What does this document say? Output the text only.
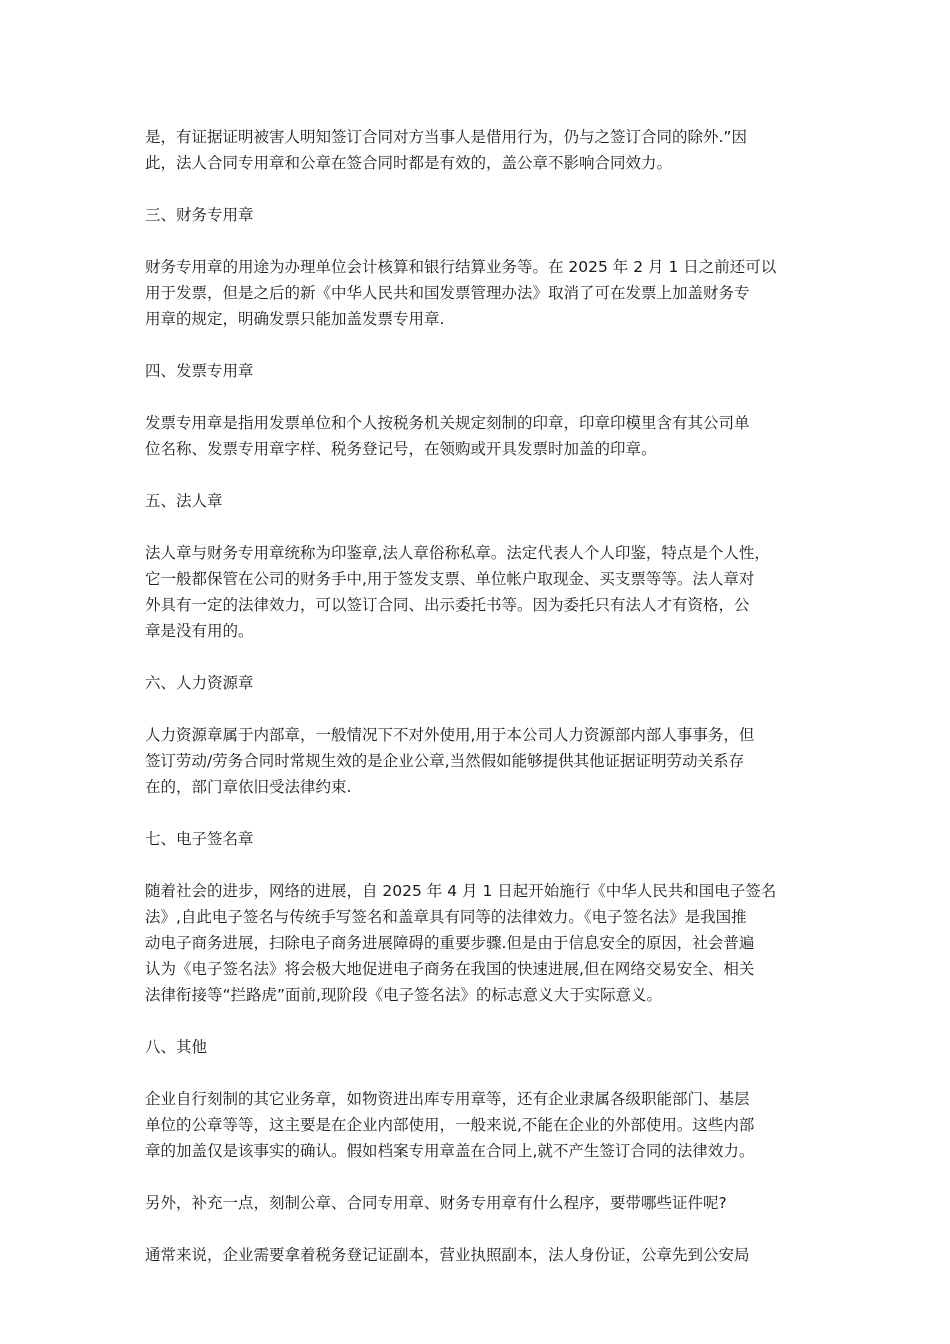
是，有证据证明被害人明知签订合同对方当事人是借用行为，仍与之签订合同的除外.”因
此，法人合同专用章和公章在签合同时都是有效的，盖公章不影响合同效力。

三、财务专用章

财务专用章的用途为办理单位会计核算和银行结算业务等。在 2025 年 2 月 1 日之前还可以
用于发票，但是之后的新《中华人民共和国发票管理办法》取消了可在发票上加盖财务专
用章的规定，明确发票只能加盖发票专用章.

四、发票专用章

发票专用章是指用发票单位和个人按税务机关规定刻制的印章，印章印模里含有其公司单
位名称、发票专用章字样、税务登记号，在领购或开具发票时加盖的印章。

五、法人章

法人章与财务专用章统称为印鉴章,法人章俗称私章。法定代表人个人印鉴，特点是个人性，
它一般都保管在公司的财务手中,用于签发支票、单位帐户取现金、买支票等等。法人章对
外具有一定的法律效力，可以签订合同、出示委托书等。因为委托只有法人才有资格，公
章是没有用的。

六、人力资源章

人力资源章属于内部章，一般情况下不对外使用,用于本公司人力资源部内部人事事务，但
签订劳动/劳务合同时常规生效的是企业公章,当然假如能够提供其他证据证明劳动关系存
在的，部门章依旧受法律约束.

七、电子签名章

随着社会的进步，网络的进展，自 2025 年 4 月 1 日起开始施行《中华人民共和国电子签名
法》,自此电子签名与传统手写签名和盖章具有同等的法律效力。《电子签名法》是我国推
动电子商务进展，扫除电子商务进展障碍的重要步骤.但是由于信息安全的原因，社会普遍
认为《电子签名法》将会极大地促进电子商务在我国的快速进展,但在网络交易安全、相关
法律衔接等“拦路虎”面前,现阶段《电子签名法》的标志意义大于实际意义。

八、其他

企业自行刻制的其它业务章，如物资进出库专用章等，还有企业隶属各级职能部门、基层
单位的公章等等，这主要是在企业内部使用，一般来说,不能在企业的外部使用。这些内部
章的加盖仅是该事实的确认。假如档案专用章盖在合同上,就不产生签订合同的法律效力。

另外，补充一点，刻制公章、合同专用章、财务专用章有什么程序，要带哪些证件呢?

通常来说，企业需要拿着税务登记证副本，营业执照副本，法人身份证，公章先到公安局
